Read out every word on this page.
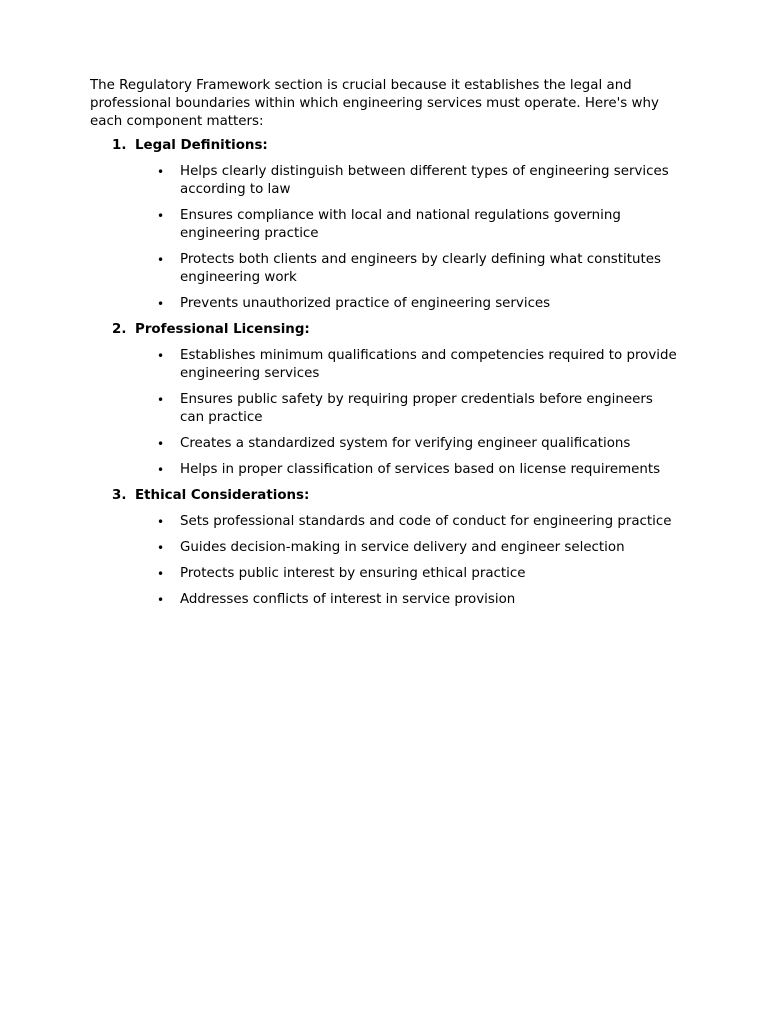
The Regulatory Framework section is crucial because it establishes the legal and professional boundaries within which engineering services must operate. Here's why each component matters:

1. Legal Definitions:
• Helps clearly distinguish between different types of engineering services according to law
• Ensures compliance with local and national regulations governing engineering practice
• Protects both clients and engineers by clearly defining what constitutes engineering work
• Prevents unauthorized practice of engineering services
2. Professional Licensing:
• Establishes minimum qualifications and competencies required to provide engineering services
• Ensures public safety by requiring proper credentials before engineers can practice
• Creates a standardized system for verifying engineer qualifications
• Helps in proper classification of services based on license requirements
3. Ethical Considerations:
• Sets professional standards and code of conduct for engineering practice
• Guides decision-making in service delivery and engineer selection
• Protects public interest by ensuring ethical practice
• Addresses conflicts of interest in service provision
